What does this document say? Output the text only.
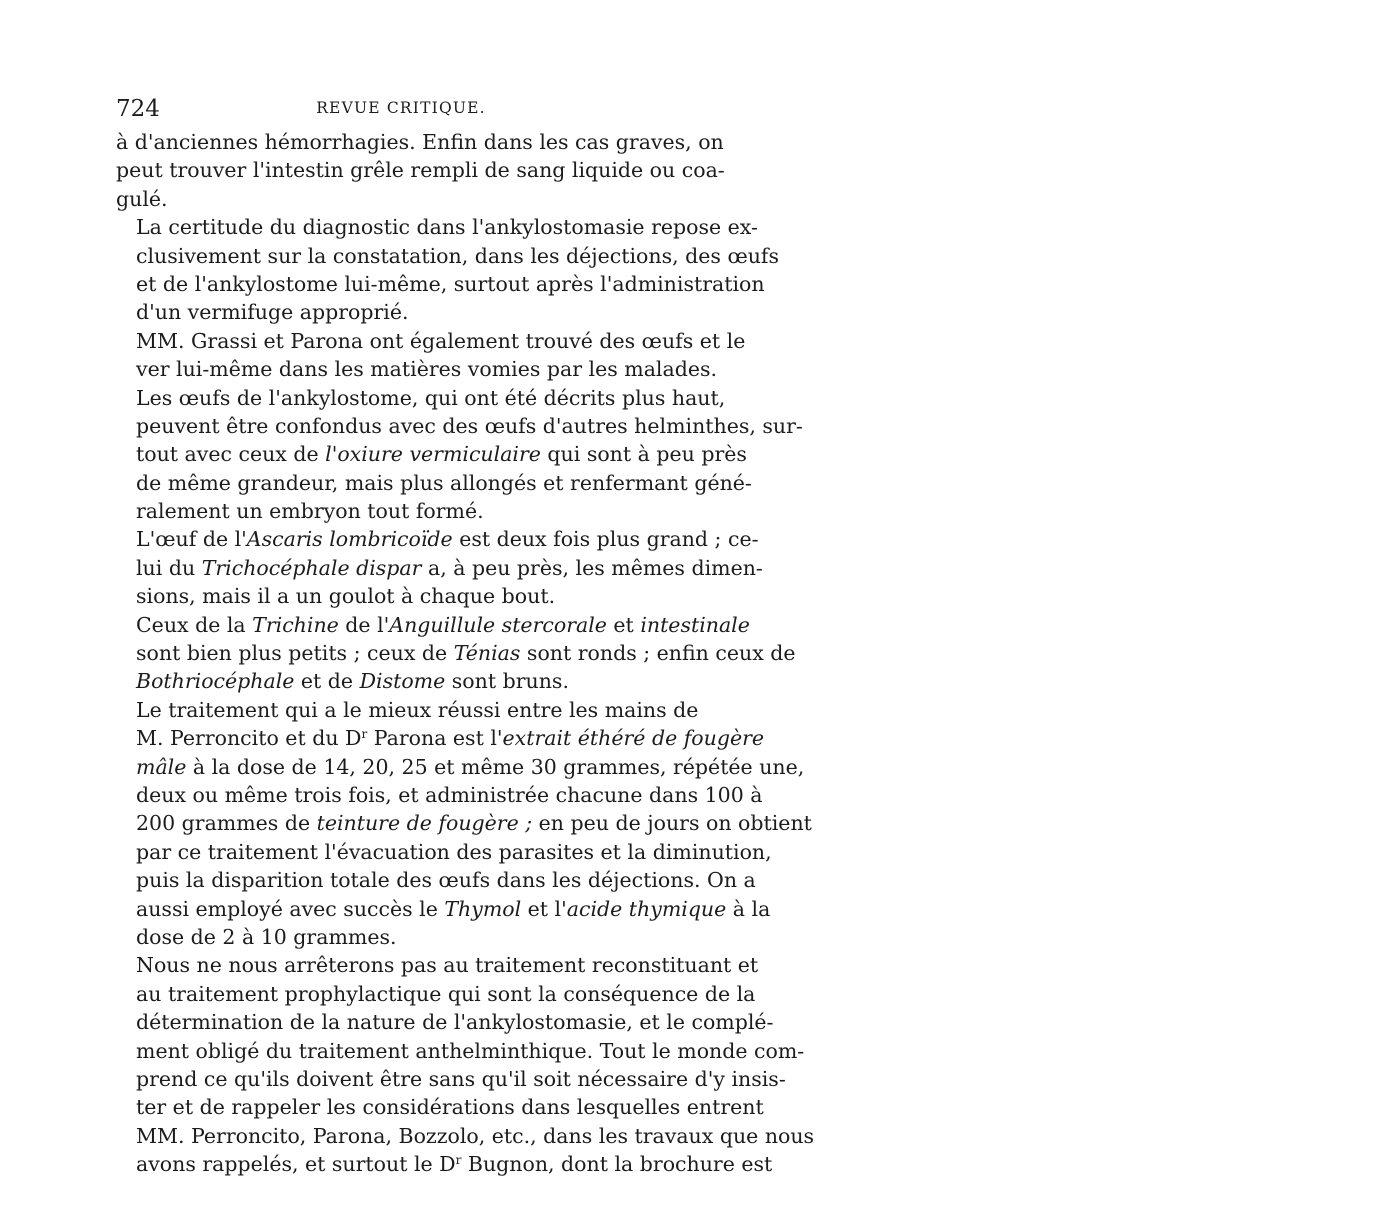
724	REVUE CRITIQUE.
à d'anciennes hémorrhagies. Enfin dans les cas graves, on
peut trouver l'intestin grêle rempli de sang liquide ou coa-
gulé.
La certitude du diagnostic dans l'ankylostomasie repose ex-
clusivement sur la constatation, dans les déjections, des œufs
et de l'ankylostome lui-même, surtout après l'administration
d'un vermifuge approprié.
MM. Grassi et Parona ont également trouvé des œufs et le
ver lui-même dans les matières vomies par les malades.
Les œufs de l'ankylostome, qui ont été décrits plus haut,
peuvent être confondus avec des œufs d'autres helminthes, sur-
tout avec ceux de l'oxiure vermiculaire qui sont à peu près
de même grandeur, mais plus allongés et renfermant géné-
ralement un embryon tout formé.
L'œuf de l'Ascaris lombricoïde est deux fois plus grand ; ce-
lui du Trichocéphale dispar a, à peu près, les mêmes dimen-
sions, mais il a un goulot à chaque bout.
Ceux de la Trichine de l'Anguillule stercorale et intestinale
sont bien plus petits ; ceux de Ténias sont ronds ; enfin ceux de
Bothriocéphale et de Distome sont bruns.
Le traitement qui a le mieux réussi entre les mains de
M. Perroncito et du $D^r$ Parona est l'extrait éthéré de fougère
mâle à la dose de 14, 20, 25 et même 30 grammes, répétée une,
deux ou même trois fois, et administrée chacune dans 100 à
200 grammes de teinture de fougère ; en peu de jours on obtient
par ce traitement l'évacuation des parasites et la diminution,
puis la disparition totale des œufs dans les déjections. On a
aussi employé avec succès le Thymol et l'acide thymique à la
dose de 2 à 10 grammes.
Nous ne nous arrêterons pas au traitement reconstituant et
au traitement prophylactique qui sont la conséquence de la
détermination de la nature de l'ankylostomasie, et le complé-
ment obligé du traitement anthelminthique. Tout le monde com-
prend ce qu'ils doivent être sans qu'il soit nécessaire d'y insis-
ter et de rappeler les considérations dans lesquelles entrent
MM. Perroncito, Parona, Bozzolo, etc., dans les travaux que nous
avons rappelés, et surtout le $D^r$ Bugnon, dont la brochure est
